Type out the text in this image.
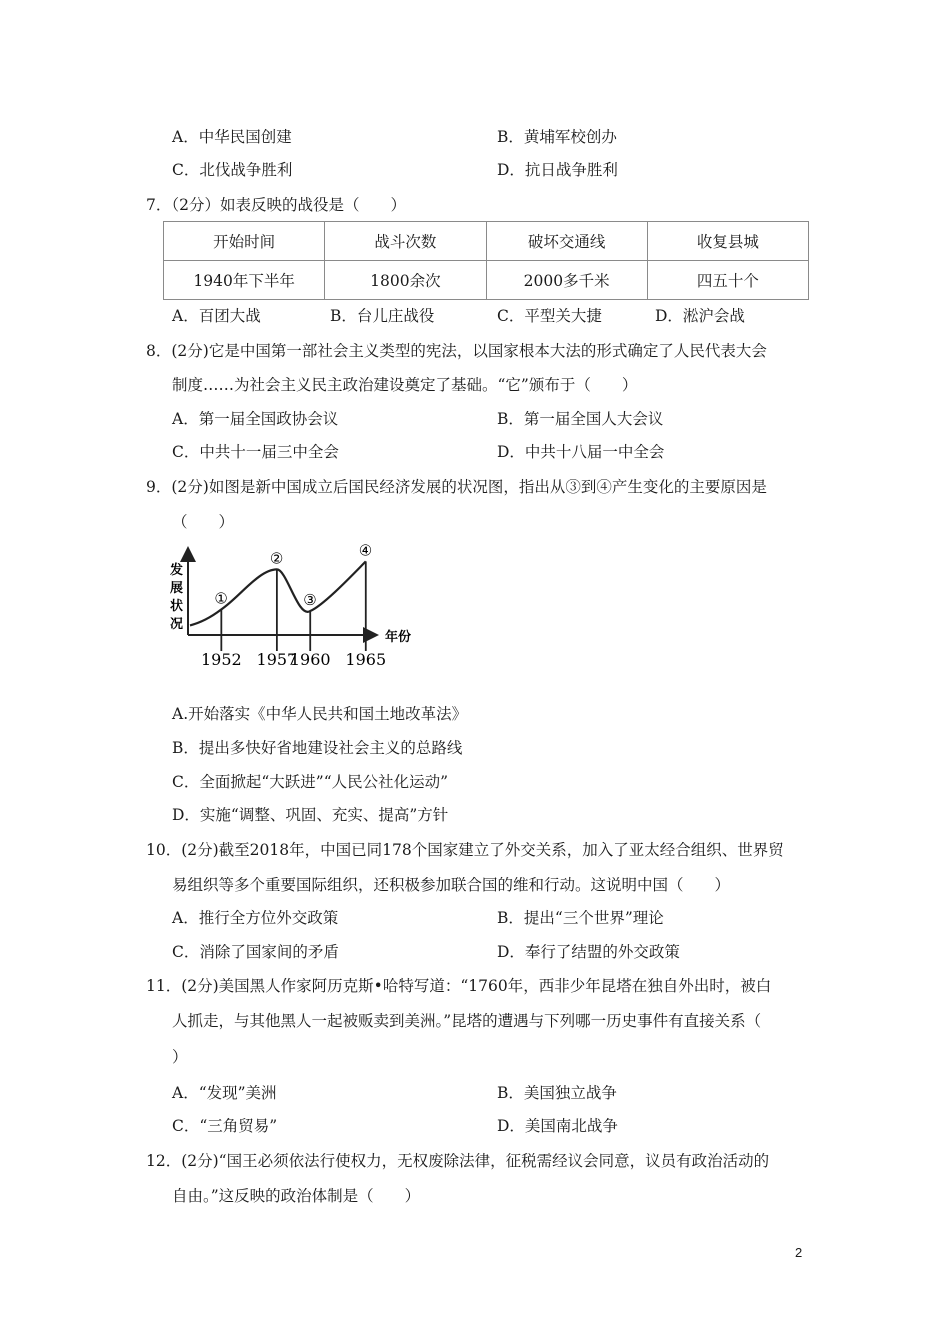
A．中华民国创建	B．黄埔军校创办
C．北伐战争胜利	D．抗日战争胜利
7．（2分）如表反映的战役是（　　）
开始时间	战斗次数	破坏交通线	收复县城
1940年下半年	1800余次	2000多千米	四五十个
A．百团大战	B．台儿庄战役	C．平型关大捷	D．淞沪会战
8．(2分)它是中国第一部社会主义类型的宪法，以国家根本大法的形式确定了人民代表大会
制度……为社会主义民主政治建设奠定了基础。“它”颁布于（　　）
A．第一届全国政协会议	B．第一届全国人大会议
C．中共十一届三中全会	D．中共十八届一中全会
9．(2分)如图是新中国成立后国民经济发展的状况图，指出从③到④产生变化的主要原因是
（　　）
发
展
状
况
年份
①
1952
②
1957
③
1960
④
1965
A.开始落实《中华人民共和国土地改革法》
B．提出多快好省地建设社会主义的总路线
C．全面掀起“大跃进”“人民公社化运动”
D．实施“调整、巩固、充实、提高”方针
10．(2分)截至2018年，中国已同178个国家建立了外交关系，加入了亚太经合组织、世界贸
易组织等多个重要国际组织，还积极参加联合国的维和行动。这说明中国（　　）
A．推行全方位外交政策	B．提出“三个世界”理论
C．消除了国家间的矛盾	D．奉行了结盟的外交政策
11．(2分)美国黑人作家阿历克斯•哈特写道：“1760年，西非少年昆塔在独自外出时，被白
人抓走，与其他黑人一起被贩卖到美洲。”昆塔的遭遇与下列哪一历史事件有直接关系（
）
A．“发现”美洲	B．美国独立战争
C．“三角贸易”	D．美国南北战争
12．(2分)“国王必须依法行使权力，无权废除法律，征税需经议会同意，议员有政治活动的
自由。”这反映的政治体制是（　　）
2
